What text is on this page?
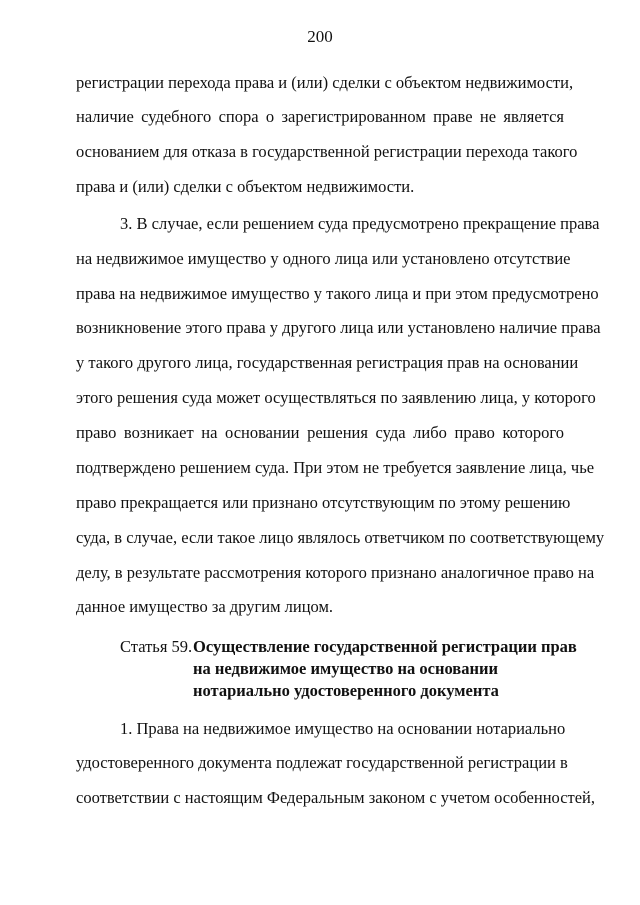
200
регистрации перехода права и (или) сделки с объектом недвижимости,
наличие судебного спора о зарегистрированном праве не является
основанием для отказа в государственной регистрации перехода такого
права и (или) сделки с объектом недвижимости.
3. В случае, если решением суда предусмотрено прекращение права
на недвижимое имущество у одного лица или установлено отсутствие
права на недвижимое имущество у такого лица и при этом предусмотрено
возникновение этого права у другого лица или установлено наличие права
у такого другого лица, государственная регистрация прав на основании
этого решения суда может осуществляться по заявлению лица, у которого
право возникает на основании решения суда либо право которого
подтверждено решением суда. При этом не требуется заявление лица, чье
право прекращается или признано отсутствующим по этому решению
суда, в случае, если такое лицо являлось ответчиком по соответствующему
делу, в результате рассмотрения которого признано аналогичное право на
данное имущество за другим лицом.
Статья 59. Осуществление государственной регистрации прав
на недвижимое имущество на основании
нотариально удостоверенного документа
1. Права на недвижимое имущество на основании нотариально
удостоверенного документа подлежат государственной регистрации в
соответствии с настоящим Федеральным законом с учетом особенностей,
